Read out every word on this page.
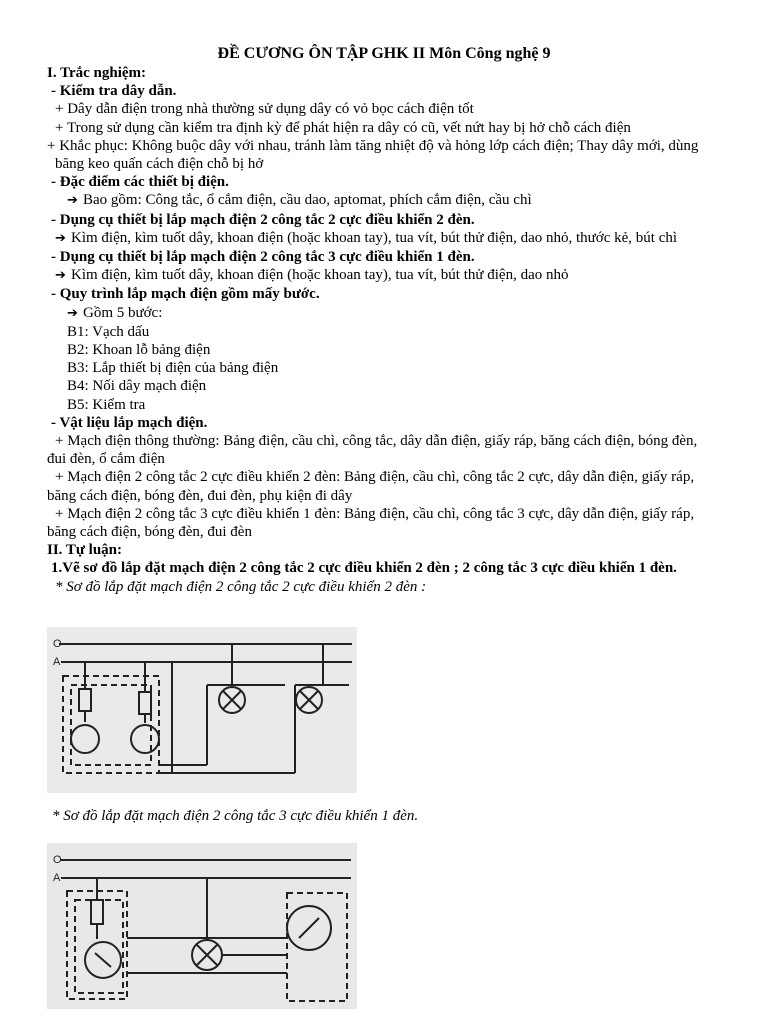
ĐỀ CƯƠNG ÔN TẬP GHK II Môn Công nghệ 9
I. Trắc nghiệm:
- Kiểm tra dây dẫn.
+ Dây dẫn điện trong nhà thường sử dụng dây có vỏ bọc cách điện tốt
+ Trong sử dụng cần kiểm tra định kỳ để phát hiện ra dây có cũ, vết nứt hay bị hở chỗ cách điện
+ Khắc phục: Không buộc dây với nhau, tránh làm tăng nhiệt độ và hỏng lớp cách điện; Thay dây mới, dùng băng keo quấn cách điện chỗ bị hở
- Đặc điểm các thiết bị điện.
➔ Bao gồm: Công tắc, ổ cắm điện, cầu dao, aptomat, phích cắm điện, cầu chì
- Dụng cụ thiết bị lắp mạch điện 2 công tắc 2 cực điều khiển 2 đèn.
➔ Kìm điện, kìm tuốt dây, khoan điện (hoặc khoan tay), tua vít, bút thử điện, dao nhỏ, thước kẻ, bút chì
- Dụng cụ thiết bị lắp mạch điện 2 công tắc 3 cực điều khiển 1 đèn.
➔ Kìm điện, kìm tuốt dây, khoan điện (hoặc khoan tay), tua vít, bút thử điện, dao nhỏ
- Quy trình lắp mạch điện gồm mấy bước.
➔ Gồm 5 bước:
B1: Vạch dấu
B2: Khoan lỗ bảng điện
B3: Lắp thiết bị điện của bảng điện
B4: Nối dây mạch điện
B5: Kiểm tra
- Vật liệu lắp mạch điện.
+ Mạch điện thông thường: Bảng điện, cầu chì, công tắc, dây dẫn điện, giấy ráp, băng cách điện, bóng đèn, đui đèn, ổ cắm điện
+ Mạch điện 2 công tắc 2 cực điều khiển 2 đèn: Bảng điện, cầu chì, công tắc 2 cực, dây dẫn điện, giấy ráp, băng cách điện, bóng đèn, đui đèn, phụ kiện đi dây
+ Mạch điện 2 công tắc 3 cực điều khiển 1 đèn: Bảng điện, cầu chì, công tắc 3 cực, dây dẫn điện, giấy ráp, băng cách điện, bóng đèn, đui đèn
II. Tự luận:
1.Vẽ sơ đồ lắp đặt mạch điện 2 công tắc 2 cực điều khiển 2 đèn ; 2 công tắc 3 cực điều khiển 1 đèn.
* Sơ đồ lắp đặt mạch điện 2 công tắc 2 cực điều khiển 2 đèn :
O
A
* Sơ đồ lắp đặt mạch điện 2 công tắc 3 cực điều khiển 1 đèn.
O
A
